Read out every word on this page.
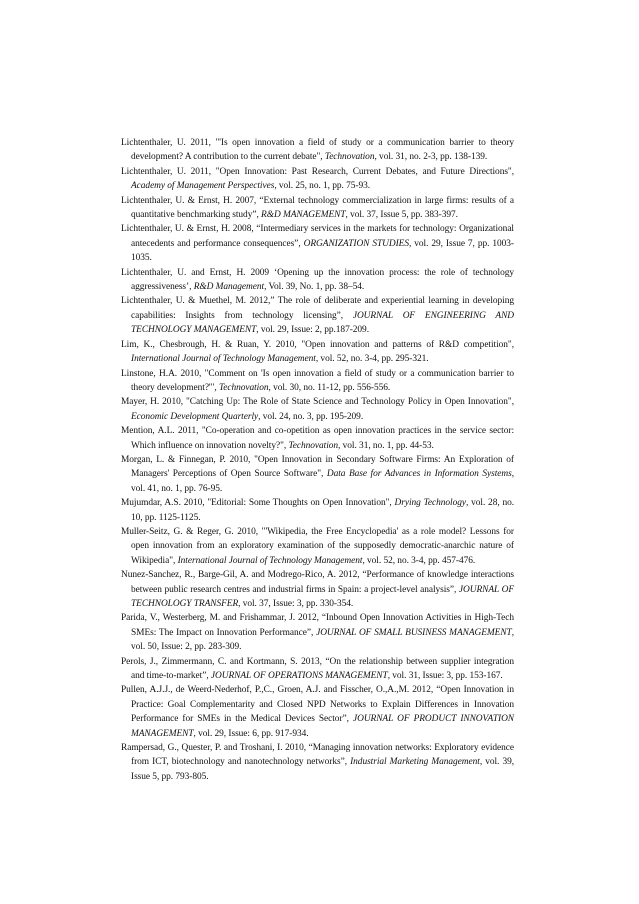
Lichtenthaler, U. 2011, "'Is open innovation a field of study or a communication barrier to theory development? A contribution to the current debate", Technovation, vol. 31, no. 2-3, pp. 138-139.

Lichtenthaler, U. 2011, "Open Innovation: Past Research, Current Debates, and Future Directions", Academy of Management Perspectives, vol. 25, no. 1, pp. 75-93.

Lichtenthaler, U. & Ernst, H. 2007, “External technology commercialization in large firms: results of a quantitative benchmarking study”, R&D MANAGEMENT, vol. 37, Issue 5, pp. 383-397.

Lichtenthaler, U. & Ernst, H. 2008, “Intermediary services in the markets for technology: Organizational antecedents and performance consequences”, ORGANIZATION STUDIES, vol. 29, Issue 7, pp. 1003-1035.

Lichtenthaler, U. and Ernst, H. 2009 ‘Opening up the innovation process: the role of technology aggressiveness’, R&D Management, Vol. 39, No. 1, pp. 38–54.

Lichtenthaler, U. & Muethel, M. 2012,” The role of deliberate and experiential learning in developing capabilities: Insights from technology licensing”, JOURNAL OF ENGINEERING AND TECHNOLOGY MANAGEMENT, vol. 29, Issue: 2, pp.187-209.

Lim, K., Chesbrough, H. & Ruan, Y. 2010, "Open innovation and patterns of R&D competition", International Journal of Technology Management, vol. 52, no. 3-4, pp. 295-321.

Linstone, H.A. 2010, "Comment on 'Is open innovation a field of study or a communication barrier to theory development?'", Technovation, vol. 30, no. 11-12, pp. 556-556.

Mayer, H. 2010, "Catching Up: The Role of State Science and Technology Policy in Open Innovation", Economic Development Quarterly, vol. 24, no. 3, pp. 195-209.

Mention, A.L. 2011, "Co-operation and co-opetition as open innovation practices in the service sector: Which influence on innovation novelty?", Technovation, vol. 31, no. 1, pp. 44-53.

Morgan, L. & Finnegan, P. 2010, "Open Innovation in Secondary Software Firms: An Exploration of Managers' Perceptions of Open Source Software", Data Base for Advances in Information Systems, vol. 41, no. 1, pp. 76-95.

Mujumdar, A.S. 2010, "Editorial: Some Thoughts on Open Innovation", Drying Technology, vol. 28, no. 10, pp. 1125-1125.

Muller-Seitz, G. & Reger, G. 2010, "'Wikipedia, the Free Encyclopedia' as a role model? Lessons for open innovation from an exploratory examination of the supposedly democratic-anarchic nature of Wikipedia", International Journal of Technology Management, vol. 52, no. 3-4, pp. 457-476.

Nunez-Sanchez, R., Barge-Gil, A. and Modrego-Rico, A. 2012, “Performance of knowledge interactions between public research centres and industrial firms in Spain: a project-level analysis”, JOURNAL OF TECHNOLOGY TRANSFER, vol. 37, Issue: 3, pp. 330-354.

Parida, V., Westerberg, M. and Frishammar, J. 2012, “Inbound Open Innovation Activities in High-Tech SMEs: The Impact on Innovation Performance”, JOURNAL OF SMALL BUSINESS MANAGEMENT, vol. 50, Issue: 2, pp. 283-309.

Perols, J., Zimmermann, C. and Kortmann, S. 2013, “On the relationship between supplier integration and time-to-market”, JOURNAL OF OPERATIONS MANAGEMENT, vol. 31, Issue: 3, pp. 153-167.

Pullen, A.J.J., de Weerd-Nederhof, P.,C., Groen, A.J. and Fisscher, O.,A.,M. 2012, “Open Innovation in Practice: Goal Complementarity and Closed NPD Networks to Explain Differences in Innovation Performance for SMEs in the Medical Devices Sector”, JOURNAL OF PRODUCT INNOVATION MANAGEMENT, vol. 29, Issue: 6, pp. 917-934.

Rampersad, G., Quester, P. and Troshani, I. 2010, “Managing innovation networks: Exploratory evidence from ICT, biotechnology and nanotechnology networks”, Industrial Marketing Management, vol. 39, Issue 5, pp. 793-805.
